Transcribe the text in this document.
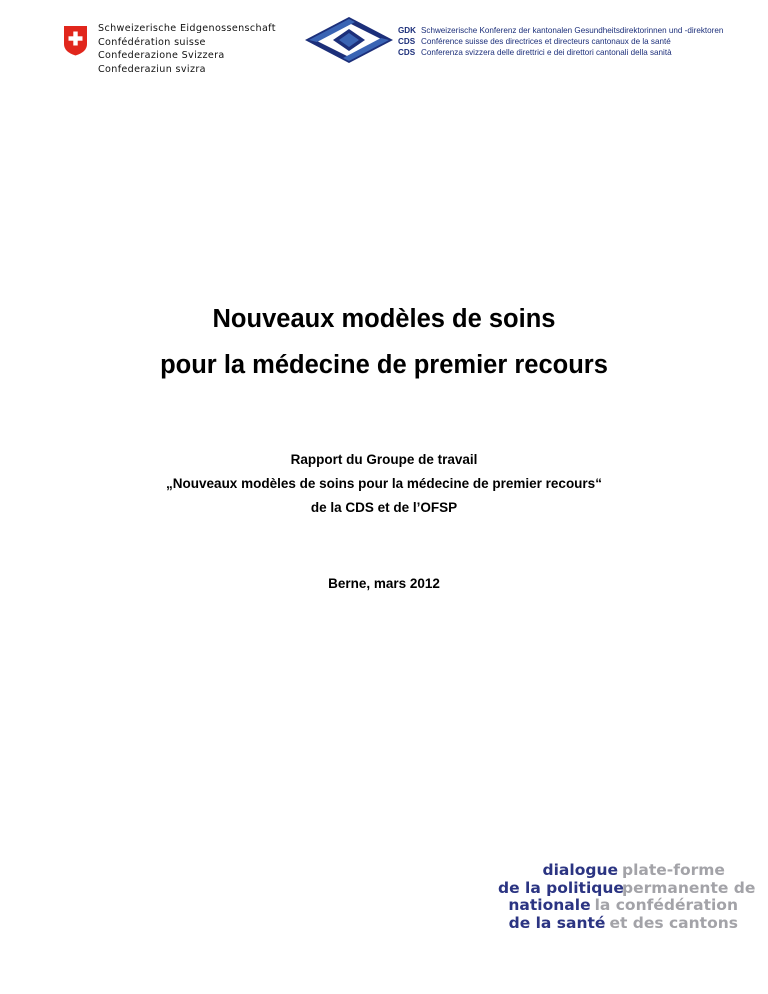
Schweizerische Eidgenossenschaft
Confédération suisse
Confederazione Svizzera
Confederaziun svizra
GDK Schweizerische Konferenz der kantonalen Gesundheitsdirektorinnen und -direktoren
CDS Conférence suisse des directrices et directeurs cantonaux de la santé
CDS Conferenza svizzera delle direttrici e dei direttori cantonali della sanità
Nouveaux modèles de soins
pour la médecine de premier recours
Rapport du Groupe de travail
„Nouveaux modèles de soins pour la médecine de premier recours“
de la CDS et de l’OFSP
Berne, mars 2012
dialogue plate-forme
de la politique
permanente de
nationale la confédération
de la santé et des cantons
